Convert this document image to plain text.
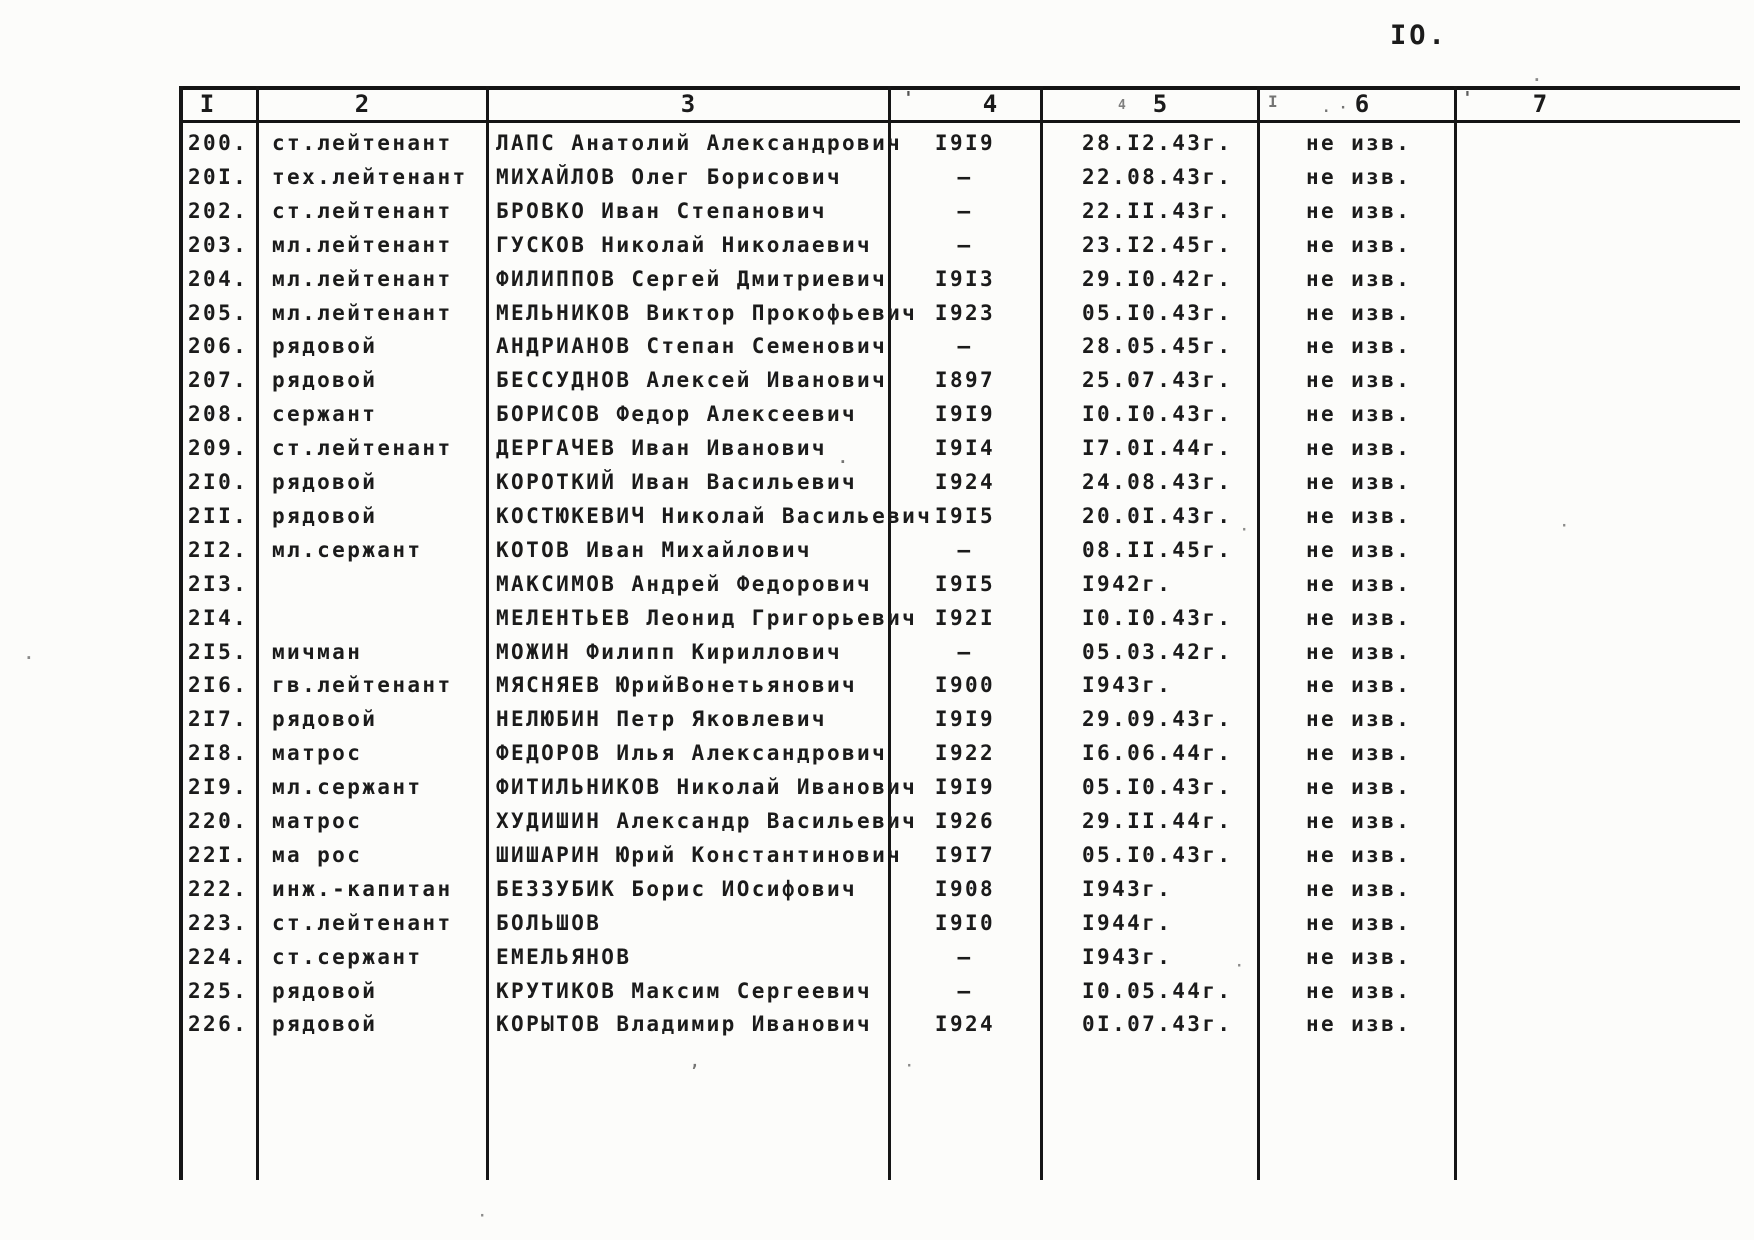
IO.
I	2	3	4	5	6	7
200. ст.лейтенант	ЛАПС Анатолий Александрович	I9I9	28.I2.43г.	не изв.
20I. тех.лейтенант	МИХАЙЛОВ Олег Борисович	–	22.08.43г.	не изв.
202. ст.лейтенант	БРОВКО Иван Степанович	–	22.II.43г.	не изв.
203. мл.лейтенант	ГУСКОВ Николай Николаевич	–	23.I2.45г.	не изв.
204. мл.лейтенант	ФИЛИППОВ Сергей Дмитриевич	I9I3	29.I0.42г.	не изв.
205. мл.лейтенант	МЕЛЬНИКОВ Виктор Прокофьевич I923	05.I0.43г.	не изв.
206. рядовой	АНДРИАНОВ Степан Семенович	–	28.05.45г.	не изв.
207. рядовой	БЕССУДНОВ Алексей Иванович	I897	25.07.43г.	не изв.
208. сержант	БОРИСОВ Федор Алексеевич	I9I9	I0.I0.43г.	не изв.
209. ст.лейтенант	ДЕРГАЧЕВ Иван Иванович	I9I4	I7.0I.44г.	не изв.
2I0. рядовой	КОРОТКИЙ Иван Васильевич	I924	24.08.43г.	не изв.
2II. рядовой	КОСТЮКЕВИЧ Николай Васильевич I9I5	20.0I.43г.	не изв.
2I2. мл.сержант	КОТОВ Иван Михайлович	–	08.II.45г.	не изв.
2I3.	МАКСИМОВ Андрей Федорович	I9I5	I942г.	не изв.
2I4.	МЕЛЕНТЬЕВ Леонид Григорьевич I92I	I0.I0.43г.	не изв.
2I5. мичман	МОЖИН Филипп Кириллович	–	05.03.42г.	не изв.
2I6. гв.лейтенант	МЯСНЯЕВ ЮрийВонетьянович	I900	I943г.	не изв.
2I7. рядовой	НЕЛЮБИН Петр Яковлевич	I9I9	29.09.43г.	не изв.
2I8. матрос	ФЕДОРОВ Илья Александрович	I922	I6.06.44г.	не изв.
2I9. мл.сержант	ФИТИЛЬНИКОВ Николай Иванович I9I9	05.I0.43г.	не изв.
220. матрос	ХУДИШИН Александр Васильевич I926	29.II.44г.	не изв.
22I. ма рос	ШИШАРИН Юрий Константинович	I9I7	05.I0.43г.	не изв.
222. инж.-капитан	БЕЗЗУБИК Борис ИОсифович	I908	I943г.	не изв.
223. ст.лейтенант	БОЛЬШОВ	I9I0	I944г.	не изв.
224. ст.сержант	ЕМЕЛЬЯНОВ	–	I943г.	не изв.
225. рядовой	КРУТИКОВ Максим Сергеевич	–	I0.05.44г.	не изв.
226. рядовой	КОРЫТОВ Владимир Иванович	I924	0I.07.43г.	не изв.
'	4	I	. ·	'
·
·
·	·
·
,	·
·
·
